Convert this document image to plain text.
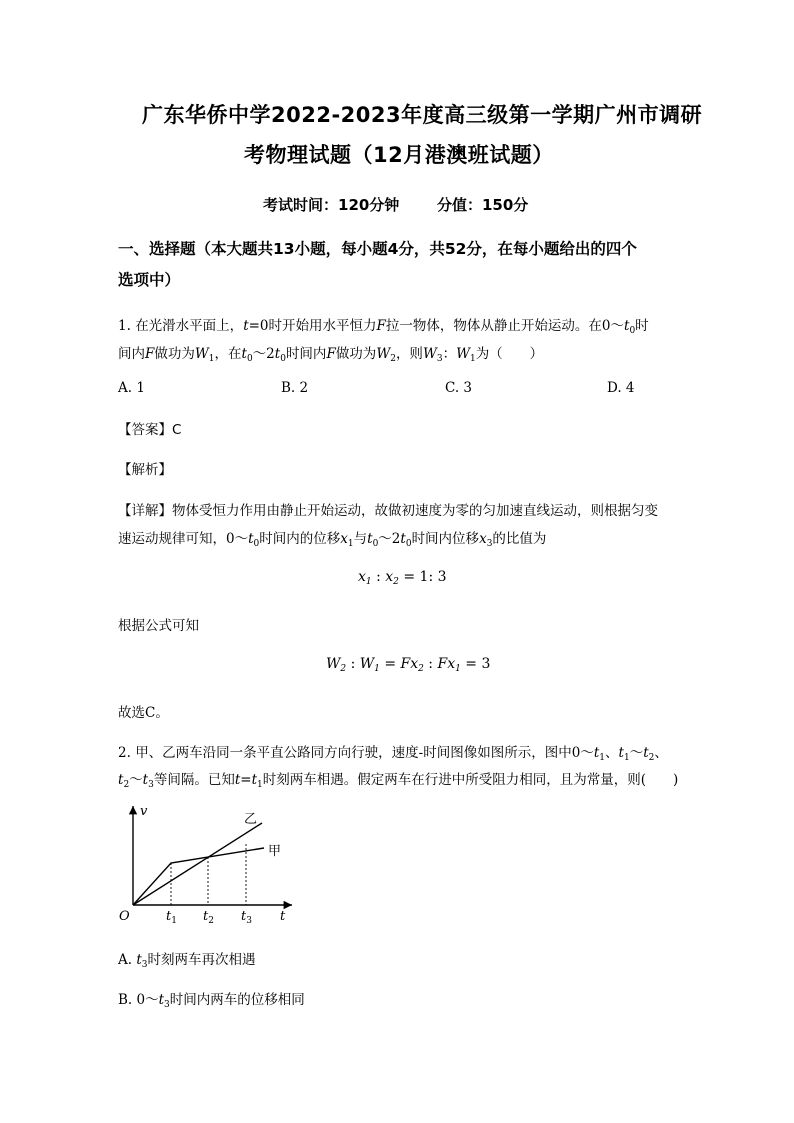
广东华侨中学2022-2023年度高三级第一学期广州市调研
考物理试题（12月港澳班试题）
考试时间：120分钟	分值：150分
一、选择题（本大题共13小题，每小题4分，共52分，在每小题给出的四个
选项中）
1. 在光滑水平面上，t=0时开始用水平恒力F拉一物体，物体从静止开始运动。在$0\sim t_0$时
间内F做功为$W_1$，在$t_0\sim 2t_0$时间内F做功为$W_2$，则$W_3$：$W_1$为（　　）
A. 1	B. 2	C. 3	D. 4
【答案】C
【解析】
【详解】物体受恒力作用由静止开始运动，故做初速度为零的匀加速直线运动，则根据匀变
速运动规律可知，$0\sim t_0$时间内的位移$x_1$与$t_0\sim 2t_0$时间内位移$x_3$的比值为
$x_1$ : $x_2 = 1$: 3
根据公式可知
$W_2$ : $W_1 = Fx_2$ : $Fx_1 = 3$
故选C。
2. 甲、乙两车沿同一条平直公路同方向行驶，速度-时间图像如图所示，图中$0\sim t_1$、$t_1\sim t_2$、
$t_2\sim t_3$等间隔。已知$t=t_1$时刻两车相遇。假定两车在行进中所受阻力相同，且为常量，则(　　)
v
t
O	$t_1$ $t_2$ $t_3$
乙
甲
A. $t_3$时刻两车再次相遇
B. $0\sim t_3$时间内两车的位移相同
